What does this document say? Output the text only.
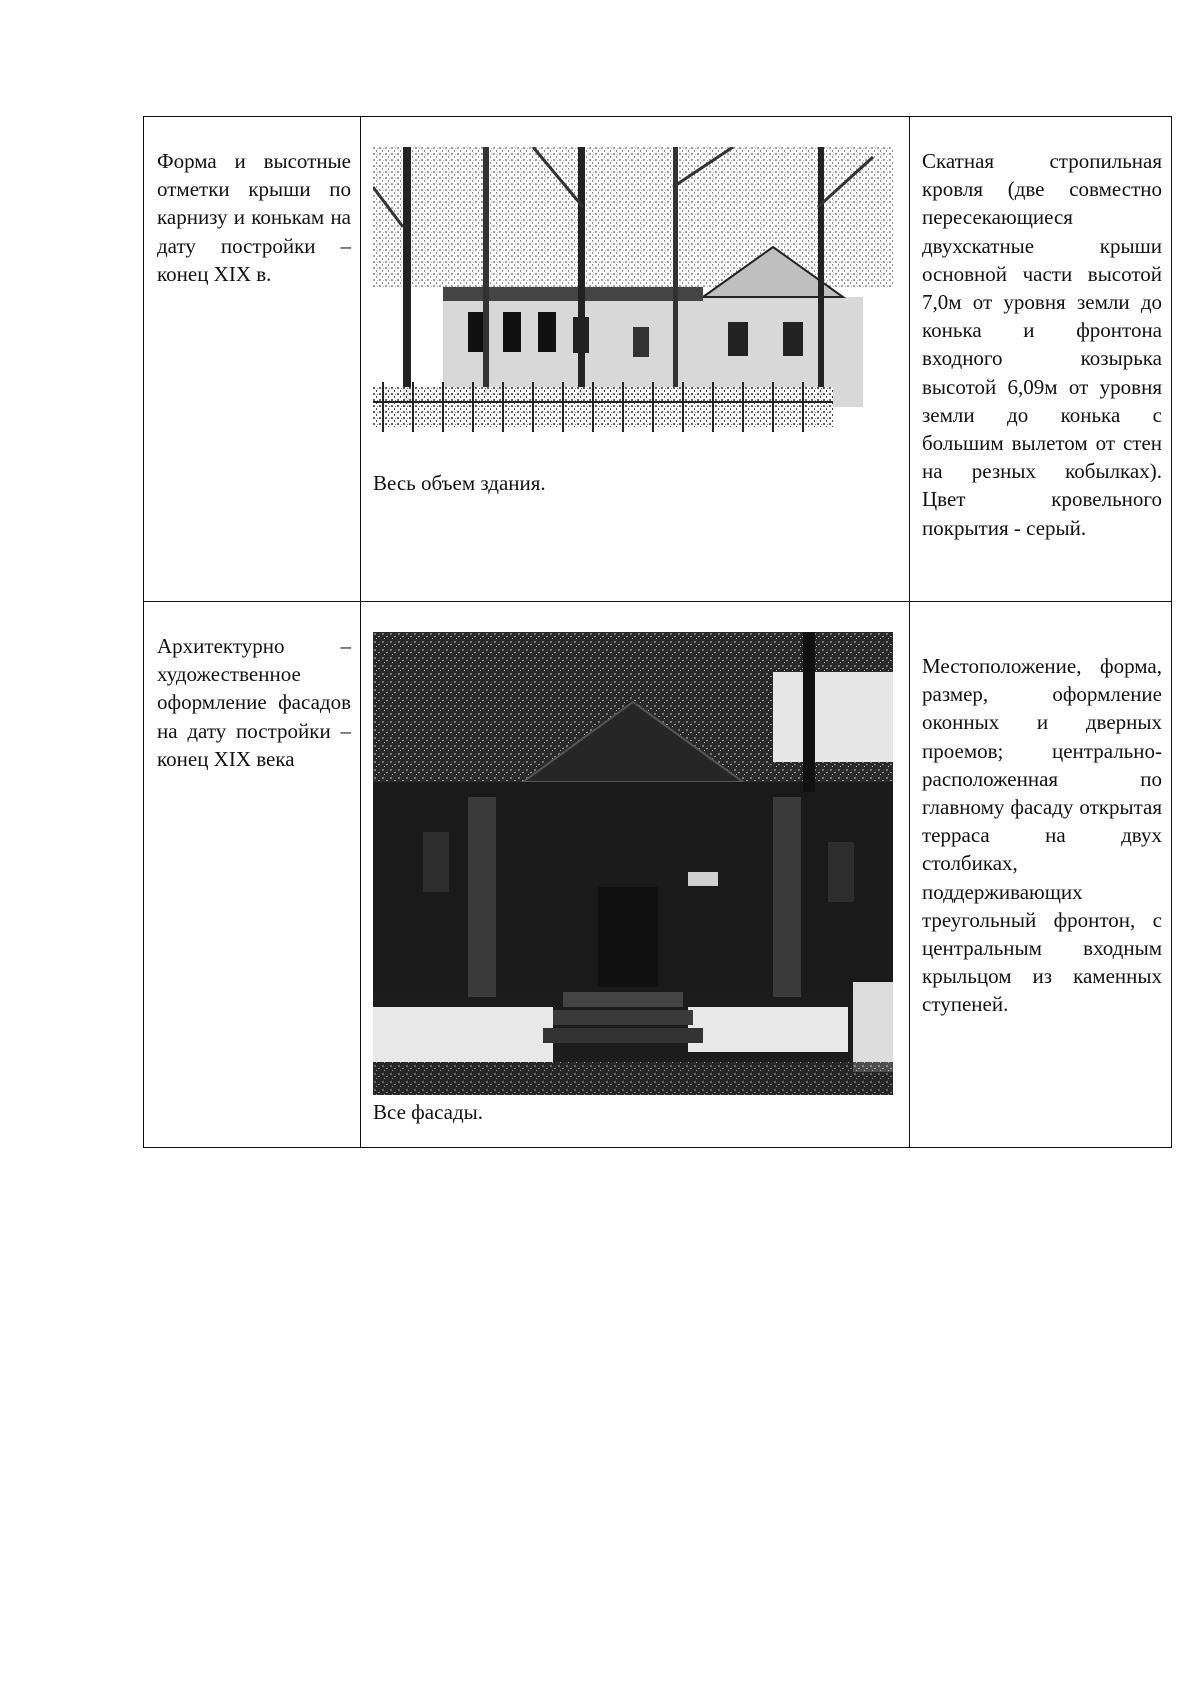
Форма и высотные отметки крыши по карнизу и конькам на дату постройки – конец XIX в.	Весь объем здания.	Скатная стропильная кровля (две совместно пересекающиеся двухскатные крыши основной части высотой 7,0м от уровня земли до конька и фронтона входного козырька высотой 6,09м от уровня земли до конька с большим вылетом от стен на резных кобылках). Цвет кровельного покрытия - серый.

Архитектурно – художественное оформление фасадов на дату постройки – конец XIX века	Все фасады.	Местоположение, форма, размер, оформление оконных и дверных проемов; центрально-расположенная по главному фасаду открытая терраса на двух столбиках, поддерживающих треугольный фронтон, с центральным входным крыльцом из каменных ступеней.
